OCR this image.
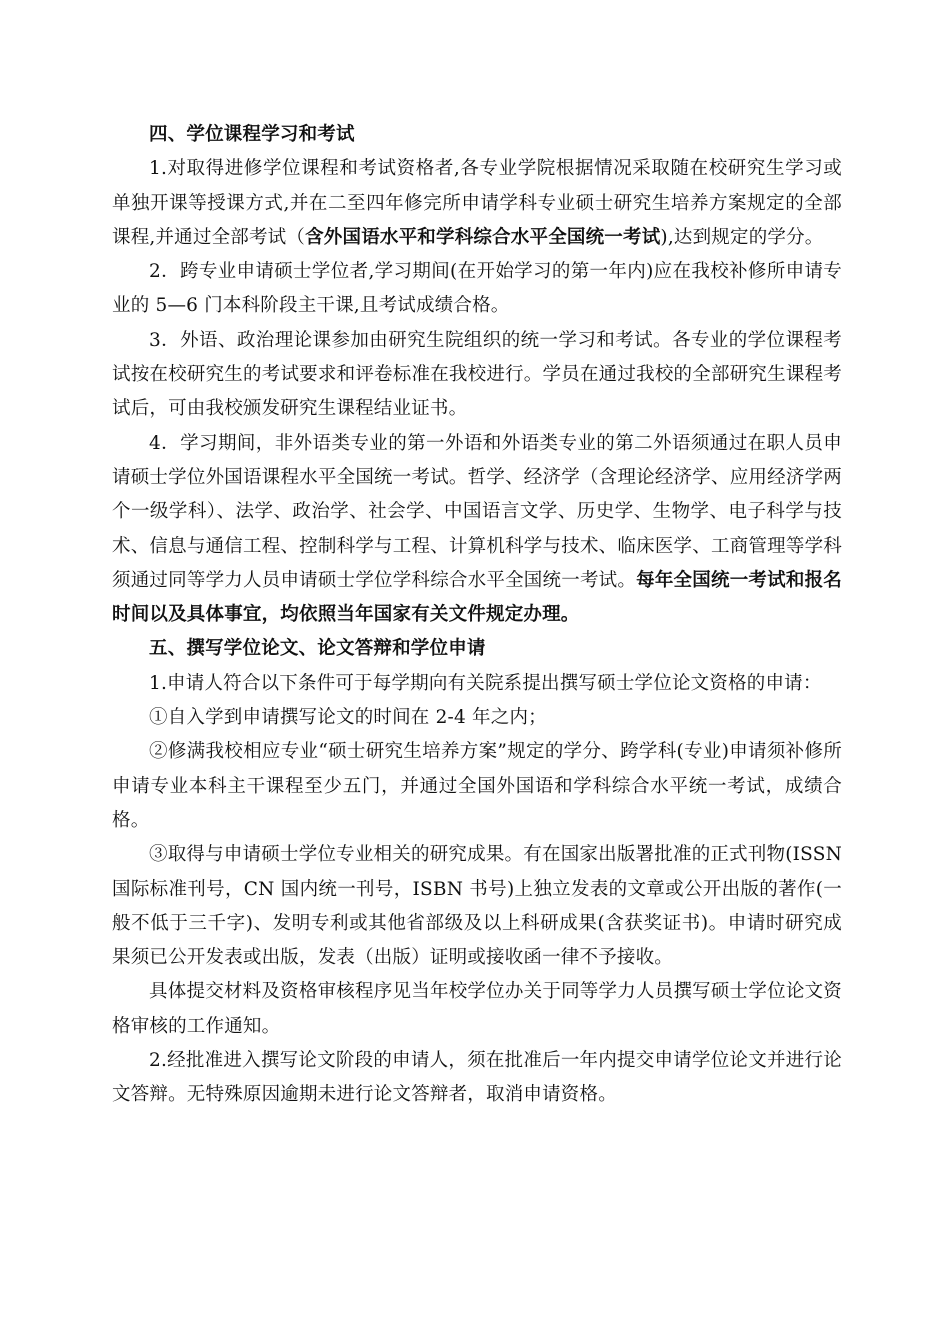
四、学位课程学习和考试

1.对取得进修学位课程和考试资格者,各专业学院根据情况采取随在校研究生学习或单独开课等授课方式,并在二至四年修完所申请学科专业硕士研究生培养方案规定的全部课程,并通过全部考试（含外国语水平和学科综合水平全国统一考试),达到规定的学分。

2．跨专业申请硕士学位者,学习期间(在开始学习的第一年内)应在我校补修所申请专业的 5—6 门本科阶段主干课,且考试成绩合格。

3．外语、政治理论课参加由研究生院组织的统一学习和考试。各专业的学位课程考试按在校研究生的考试要求和评卷标准在我校进行。学员在通过我校的全部研究生课程考试后，可由我校颁发研究生课程结业证书。

4．学习期间，非外语类专业的第一外语和外语类专业的第二外语须通过在职人员申请硕士学位外国语课程水平全国统一考试。哲学、经济学（含理论经济学、应用经济学两个一级学科）、法学、政治学、社会学、中国语言文学、历史学、生物学、电子科学与技术、信息与通信工程、控制科学与工程、计算机科学与技术、临床医学、工商管理等学科须通过同等学力人员申请硕士学位学科综合水平全国统一考试。每年全国统一考试和报名时间以及具体事宜，均依照当年国家有关文件规定办理。

五、撰写学位论文、论文答辩和学位申请

1.申请人符合以下条件可于每学期向有关院系提出撰写硕士学位论文资格的申请：

①自入学到申请撰写论文的时间在 2-4 年之内；

②修满我校相应专业“硕士研究生培养方案”规定的学分、跨学科(专业)申请须补修所申请专业本科主干课程至少五门，并通过全国外国语和学科综合水平统一考试，成绩合格。

③取得与申请硕士学位专业相关的研究成果。有在国家出版署批准的正式刊物(ISSN 国际标准刊号，CN 国内统一刊号，ISBN 书号)上独立发表的文章或公开出版的著作(一般不低于三千字)、发明专利或其他省部级及以上科研成果(含获奖证书)。申请时研究成果须已公开发表或出版，发表（出版）证明或接收函一律不予接收。

具体提交材料及资格审核程序见当年校学位办关于同等学力人员撰写硕士学位论文资格审核的工作通知。

2.经批准进入撰写论文阶段的申请人，须在批准后一年内提交申请学位论文并进行论文答辩。无特殊原因逾期未进行论文答辩者，取消申请资格。
